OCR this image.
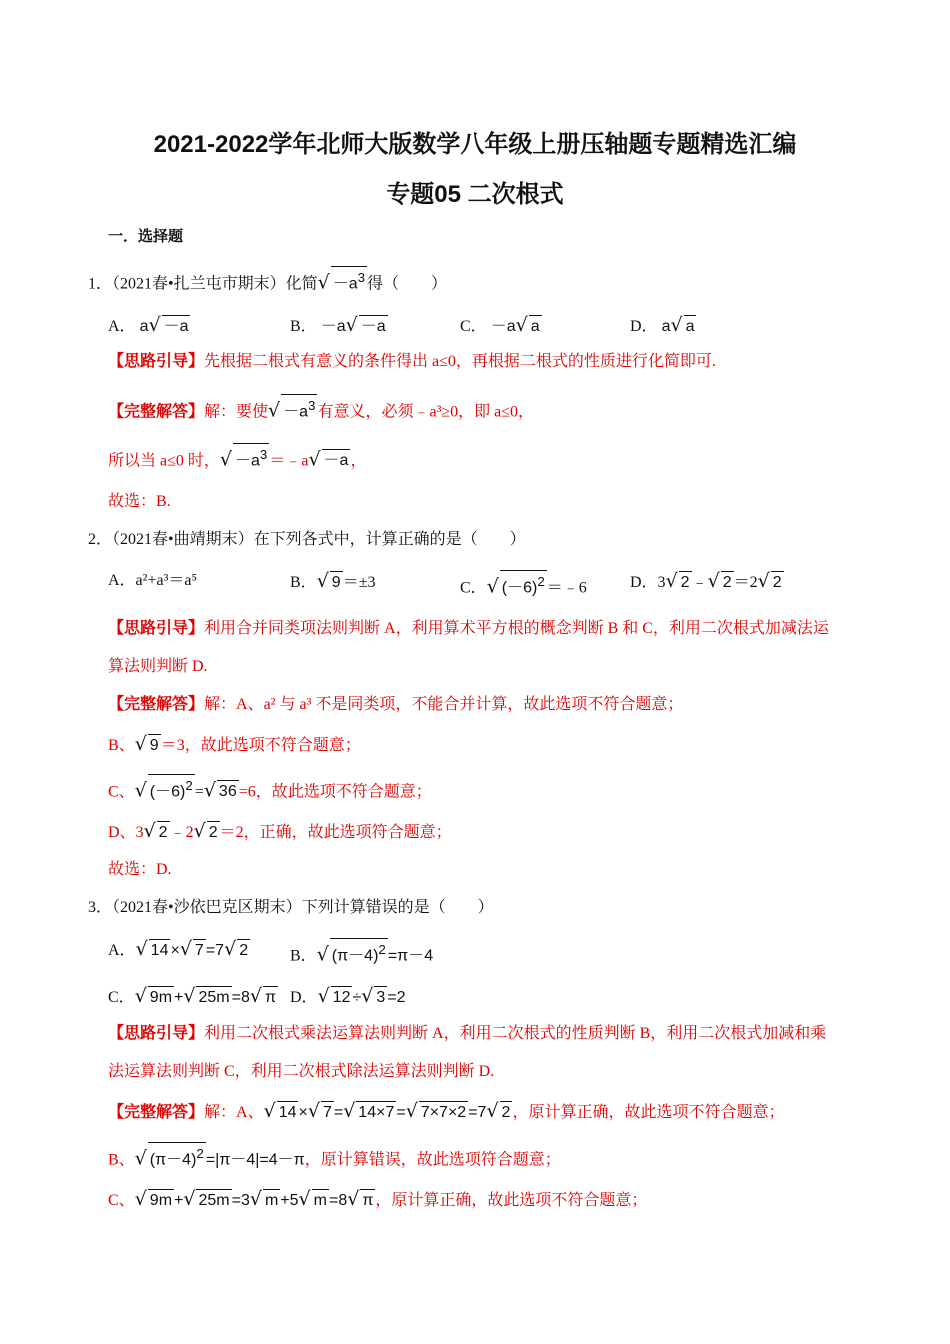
2021-2022学年北师大版数学八年级上册压轴题专题精选汇编
专题05 二次根式
一．选择题
1．（2021春•扎兰屯市期末）化简√ $-a^3$ 得（　　）
A． a√ －a	B． －a√ －a	C． －a√ a	D． a√ a
【思路引导】先根据二根式有意义的条件得出 a≤0，再根据二根式的性质进行化简即可.
【完整解答】解：要使√ $-a^3$ 有意义，必须﹣a³≥0，即 a≤0，
所以当 a≤0 时，√ $-a^3$ ＝﹣a√ －a ，
故选：B.
2．（2021春•曲靖期末）在下列各式中，计算正确的是（　　）
A．a²+a³＝a⁵	B．√ 9 ＝±3	C．√ $(-6)^2$ ＝﹣6	D．3√ 2 ﹣√ 2 ＝2√ 2
【思路引导】利用合并同类项法则判断 A，利用算术平方根的概念判断 B 和 C，利用二次根式加减法运
算法则判断 D.
【完整解答】解：A、a² 与 a³ 不是同类项，不能合并计算，故此选项不符合题意；
B、√ 9 ＝3，故此选项不符合题意；
C、√ $(-6)^2$ =√ 36 =6，故此选项不符合题意；
D、3√ 2 ﹣2√ 2 ＝2，正确，故此选项符合题意；
故选：D.
3．（2021春•沙依巴克区期末）下列计算错误的是（　　）
A．√ 14 ×√ 7 =7√ 2	B．√ $(\pi-4)^2 =\pi-4$
C．√ 9m +√ 25m =8√ π D．√ 12 ÷√ 3 =2
【思路引导】利用二次根式乘法运算法则判断 A，利用二次根式的性质判断 B，利用二次根式加减和乘
法运算法则判断 C，利用二次根式除法运算法则判断 D.
【完整解答】解：A、√ 14 ×√ 7 =√ 14×7 =√ 7×7×2 =7√ 2 ，原计算正确，故此选项不符合题意；
B、√ $(\pi-4)^2 =|\pi-4|=4-\pi$，原计算错误，故此选项符合题意；
C、√ 9m +√ 25m =3√ m +5√ m =8√ π ，原计算正确，故此选项不符合题意；
